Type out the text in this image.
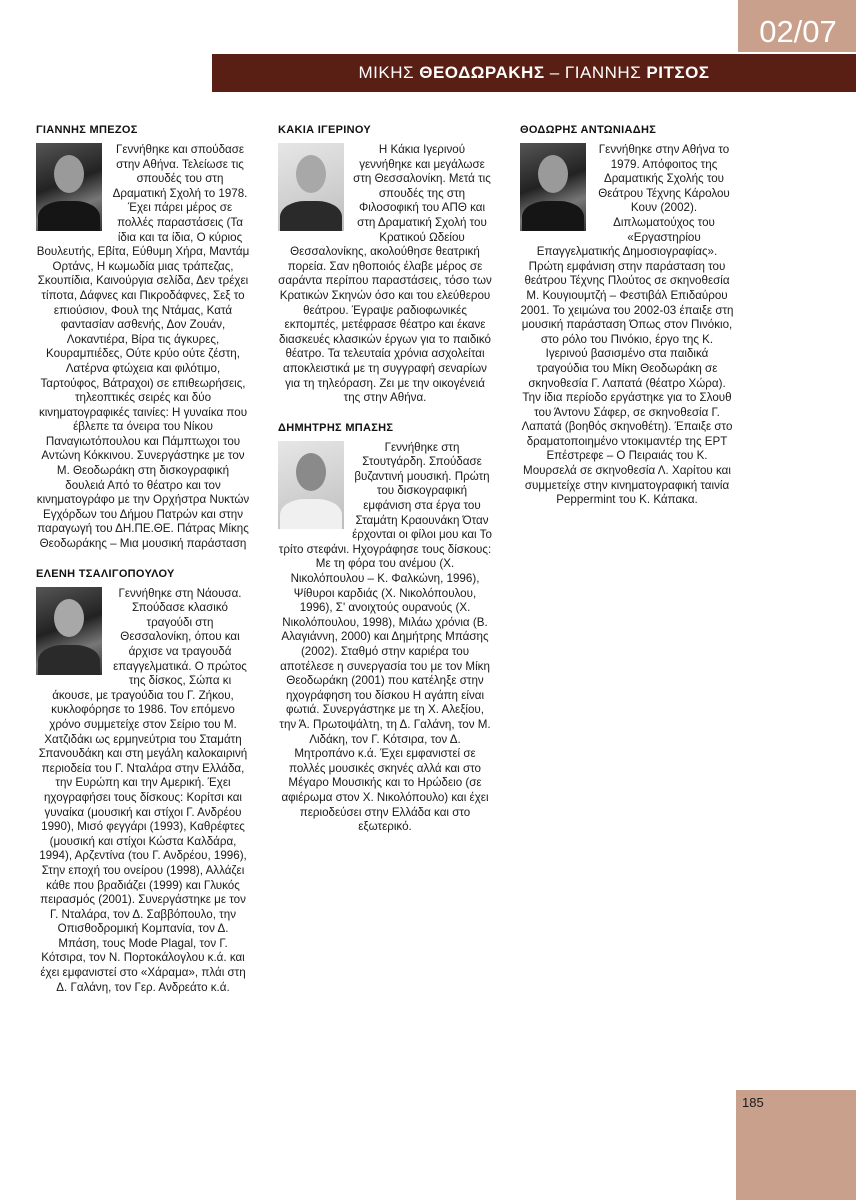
02/07
ΜΙΚΗΣ ΘΕΟΔΩΡΑΚΗΣ – ΓΙΑΝΝΗΣ ΡΙΤΣΟΣ
ΓΙΑΝΝΗΣ ΜΠΕΖΟΣ
Γεννήθηκε και σπούδασε στην Αθήνα. Τελείωσε τις σπουδές του στη Δραματική Σχολή το 1978. Έχει πάρει μέρος σε πολλές παραστάσεις (Τα ίδια και τα ίδια, Ο κύριος Βουλευτής, Εβίτα, Εύθυμη Χήρα, Μαντάμ Ορτάνς, Η κωμωδία μιας τράπεζας, Σκουπίδια, Καινούργια σελίδα, Δεν τρέχει τίποτα, Δάφνες και Πικροδάφνες, Σεξ το επιούσιον, Φουλ της Ντάμας, Κατά φαντασίαν ασθενής, Δον Ζουάν, Λοκαντιέρα, Βίρα τις άγκυρες, Κουραμπιέδες, Ούτε κρύο ούτε ζέστη, Λατέρνα φτώχεια και φιλότιμο, Ταρτούφος, Βάτραχοι) σε επιθεωρήσεις, τηλεοπτικές σειρές και δύο κινηματογραφικές ταινίες: Η γυναίκα που έβλεπε τα όνειρα του Νίκου Παναγιωτόπουλου και Πάμπτωχοι του Αντώνη Κόκκινου. Συνεργάστηκε με τον Μ. Θεοδωράκη στη δισκογραφική δουλειά Από το θέατρο και τον κινηματογράφο με την Ορχήστρα Νυκτών Εγχόρδων του Δήμου Πατρών και στην παραγωγή του ΔΗ.ΠΕ.ΘΕ. Πάτρας Μίκης Θεοδωράκης – Μια μουσική παράσταση
ΕΛΕΝΗ ΤΣΑΛΙΓΟΠΟΥΛΟΥ
Γεννήθηκε στη Νάουσα. Σπούδασε κλασικό τραγούδι στη Θεσσαλονίκη, όπου και άρχισε να τραγουδά επαγγελματικά. Ο πρώτος της δίσκος, Σώπα κι άκουσε, με τραγούδια του Γ. Ζήκου, κυκλοφόρησε το 1986. Τον επόμενο χρόνο συμμετείχε στον Σείριο του Μ. Χατζιδάκι ως ερμηνεύτρια του Σταμάτη Σπανουδάκη και στη μεγάλη καλοκαιρινή περιοδεία του Γ. Νταλάρα στην Ελλάδα, την Ευρώπη και την Αμερική. Έχει ηχογραφήσει τους δίσκους: Κορίτσι και γυναίκα (μουσική και στίχοι Γ. Ανδρέου 1990), Μισό φεγγάρι (1993), Καθρέφτες (μουσική και στίχοι Κώστα Καλδάρα, 1994), Αρζεντίνα (του Γ. Ανδρέου, 1996), Στην εποχή του ονείρου (1998), Αλλάζει κάθε που βραδιάζει (1999) και Γλυκός πειρασμός (2001). Συνεργάστηκε με τον Γ. Νταλάρα, τον Δ. Σαββόπουλο, την Οπισθοδρομική Κομπανία, τον Δ. Μπάση, τους Mode Plagal, τον Γ. Κότσιρα, τον Ν. Πορτοκάλογλου κ.ά. και έχει εμφανιστεί στο «Χάραμα», πλάι στη Δ. Γαλάνη, τον Γερ. Ανδρεάτο κ.ά.
ΚΑΚΙΑ ΙΓΕΡΙΝΟΥ
Η Κάκια Ιγερινού γεννήθηκε και μεγάλωσε στη Θεσσαλονίκη. Μετά τις σπουδές της στη Φιλοσοφική του ΑΠΘ και στη Δραματική Σχολή του Κρατικού Ωδείου Θεσσαλονίκης, ακολούθησε θεατρική πορεία. Σαν ηθοποιός έλαβε μέρος σε σαράντα περίπου παραστάσεις, τόσο των Κρατικών Σκηνών όσο και του ελεύθερου θεάτρου. Έγραψε ραδιοφωνικές εκπομπές, μετέφρασε θέατρο και έκανε διασκευές κλασικών έργων για το παιδικό θέατρο. Τα τελευταία χρόνια ασχολείται αποκλειστικά με τη συγγραφή σεναρίων για τη τηλεόραση. Ζει με την οικογένειά της στην Αθήνα.
ΔΗΜΗΤΡΗΣ ΜΠΑΣΗΣ
Γεννήθηκε στη Στουτγάρδη. Σπούδασε βυζαντινή μουσική. Πρώτη του δισκογραφική εμφάνιση στα έργα του Σταμάτη Κραουνάκη Όταν έρχονται οι φίλοι μου και Το τρίτο στεφάνι. Ηχογράφησε τους δίσκους: Με τη φόρα του ανέμου (Χ. Νικολόπουλου – Κ. Φαλκώνη, 1996), Ψίθυροι καρδιάς (Χ. Νικολόπουλου, 1996), Σ' ανοιχτούς ουρανούς (Χ. Νικολόπουλου, 1998), Μιλάω χρόνια (Β. Αλαγιάννη, 2000) και Δημήτρης Μπάσης (2002). Σταθμό στην καριέρα του αποτέλεσε η συνεργασία του με τον Μίκη Θεοδωράκη (2001) που κατέληξε στην ηχογράφηση του δίσκου Η αγάπη είναι φωτιά. Συνεργάστηκε με τη Χ. Αλεξίου, την Ά. Πρωτοψάλτη, τη Δ. Γαλάνη, τον Μ. Λιδάκη, τον Γ. Κότσιρα, τον Δ. Μητροπάνο κ.ά. Έχει εμφανιστεί σε πολλές μουσικές σκηνές αλλά και στο Μέγαρο Μουσικής και το Ηρώδειο (σε αφιέρωμα στον Χ. Νικολόπουλο) και έχει περιοδεύσει στην Ελλάδα και στο εξωτερικό.
ΘΟΔΩΡΗΣ ΑΝΤΩΝΙΑΔΗΣ
Γεννήθηκε στην Αθήνα το 1979. Απόφοιτος της Δραματικής Σχολής του Θεάτρου Τέχνης Κάρολου Κουν (2002). Διπλωματούχος του «Εργαστηρίου Επαγγελματικής Δημοσιογραφίας». Πρώτη εμφάνιση στην παράσταση του θεάτρου Τέχνης Πλούτος σε σκηνοθεσία Μ. Κουγιουμτζή – Φεστιβάλ Επιδαύρου 2001. Το χειμώνα του 2002-03 έπαιξε στη μουσική παράσταση Όπως στον Πινόκιο, στο ρόλο του Πινόκιο, έργο της Κ. Ιγερινού βασισμένο στα παιδικά τραγούδια του Μίκη Θεοδωράκη σε σκηνοθεσία Γ. Λαπατά (θέατρο Χώρα). Την ίδια περίοδο εργάστηκε για το Σλουθ του Άντονυ Σάφερ, σε σκηνοθεσία Γ. Λαπατά (βοηθός σκηνοθέτη). Έπαιξε στο δραματοποιημένο ντοκιμαντέρ της ΕΡΤ Επέστρεφε – Ο Πειραιάς του Κ. Μουρσελά σε σκηνοθεσία Λ. Χαρίτου και συμμετείχε στην κινηματογραφική ταινία Peppermint του Κ. Κάπακα.
185
